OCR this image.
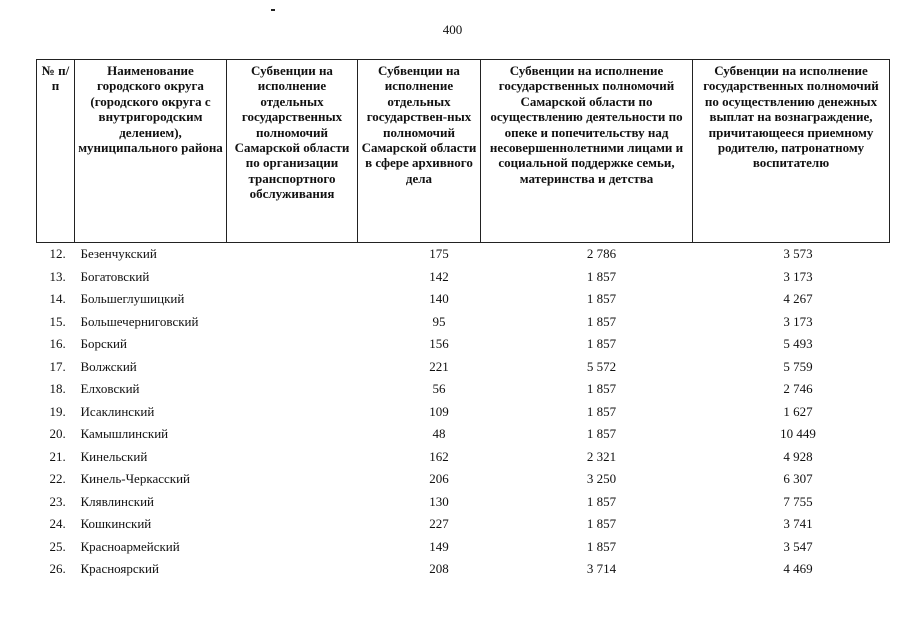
400
№ п/п	Наименование городского округа (городского округа с внутригородским делением), муниципального района	Субвенции на исполнение отдельных государственных полномочий Самарской области по организации транспортного обслуживания	Субвенции на исполнение отдельных государствен-ных полномочий Самарской области в сфере архивного дела	Субвенции на исполнение государственных полномочий Самарской области по осуществлению деятельности по опеке и попечительству над несовершеннолетними лицами и социальной поддержке семьи, материнства и детства	Субвенции на исполнение государственных полномочий по осуществлению денежных выплат на вознаграждение, причитающееся приемному родителю, патронатному воспитателю
12.	Безенчукский		175	2 786	3 573
13.	Богатовский		142	1 857	3 173
14.	Большеглушицкий		140	1 857	4 267
15.	Большечерниговский		95	1 857	3 173
16.	Борский		156	1 857	5 493
17.	Волжский		221	5 572	5 759
18.	Елховский		56	1 857	2 746
19.	Исаклинский		109	1 857	1 627
20.	Камышлинский		48	1 857	10 449
21.	Кинельский		162	2 321	4 928
22.	Кинель-Черкасский		206	3 250	6 307
23.	Клявлинский		130	1 857	7 755
24.	Кошкинский		227	1 857	3 741
25.	Красноармейский		149	1 857	3 547
26.	Красноярский		208	3 714	4 469
